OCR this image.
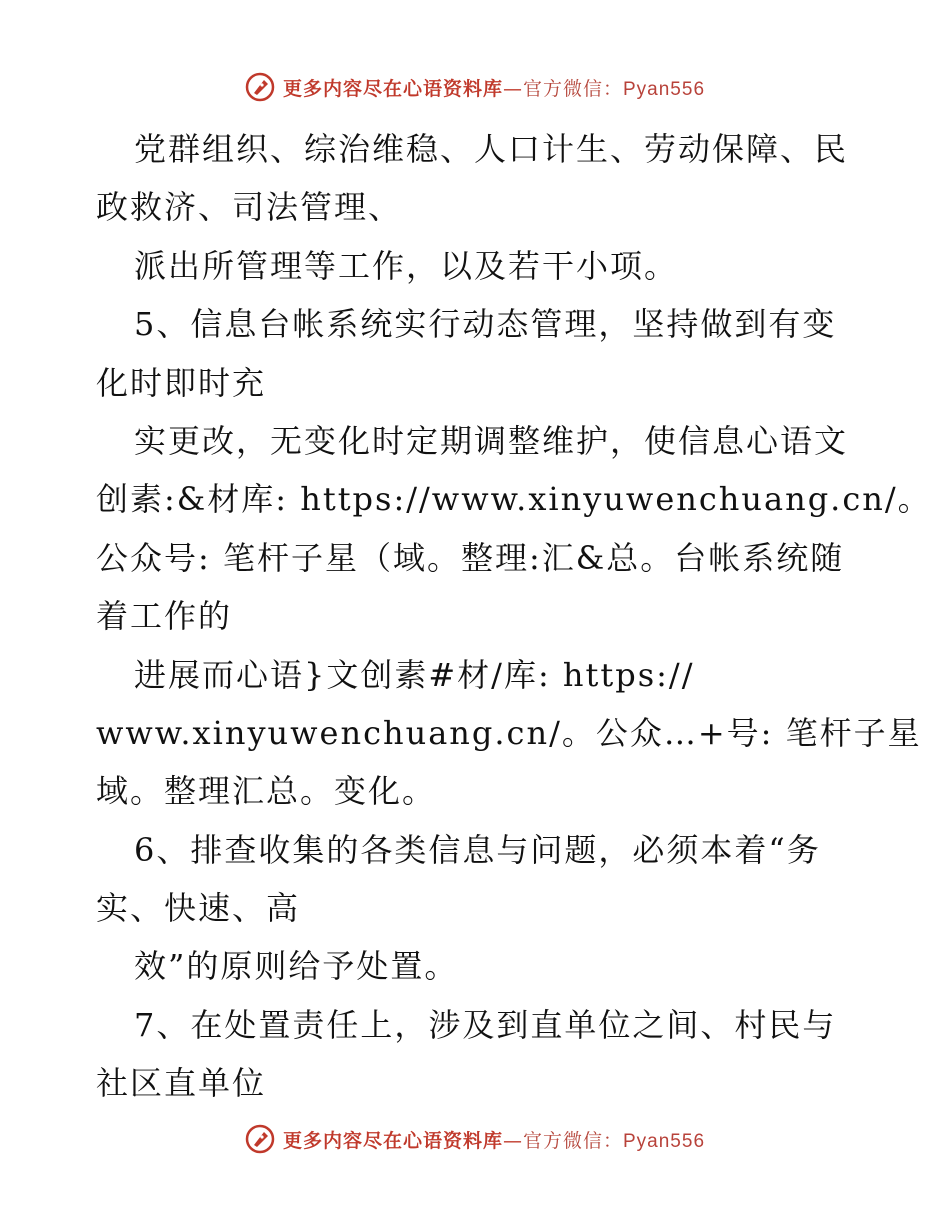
更多内容尽在心语资料库—官方微信：Pyan556
党群组织、综治维稳、人口计生、劳动保障、民
政救济、司法管理、
派出所管理等工作，以及若干小项。
5、信息台帐系统实行动态管理，坚持做到有变
化时即时充
实更改，无变化时定期调整维护，使信息心语文
创素:&材库: https://www.xinyuwenchuang.cn/。
公众号: 笔杆子星（域。整理:汇&总。台帐系统随
着工作的
进展而心语}文创素#材/库: https://
www.xinyuwenchuang.cn/。公众…+号: 笔杆子星
域。整理汇总。变化。
6、排查收集的各类信息与问题，必须本着“务
实、快速、高
效”的原则给予处置。
7、在处置责任上，涉及到直单位之间、村民与
社区直单位
更多内容尽在心语资料库—官方微信：Pyan556
